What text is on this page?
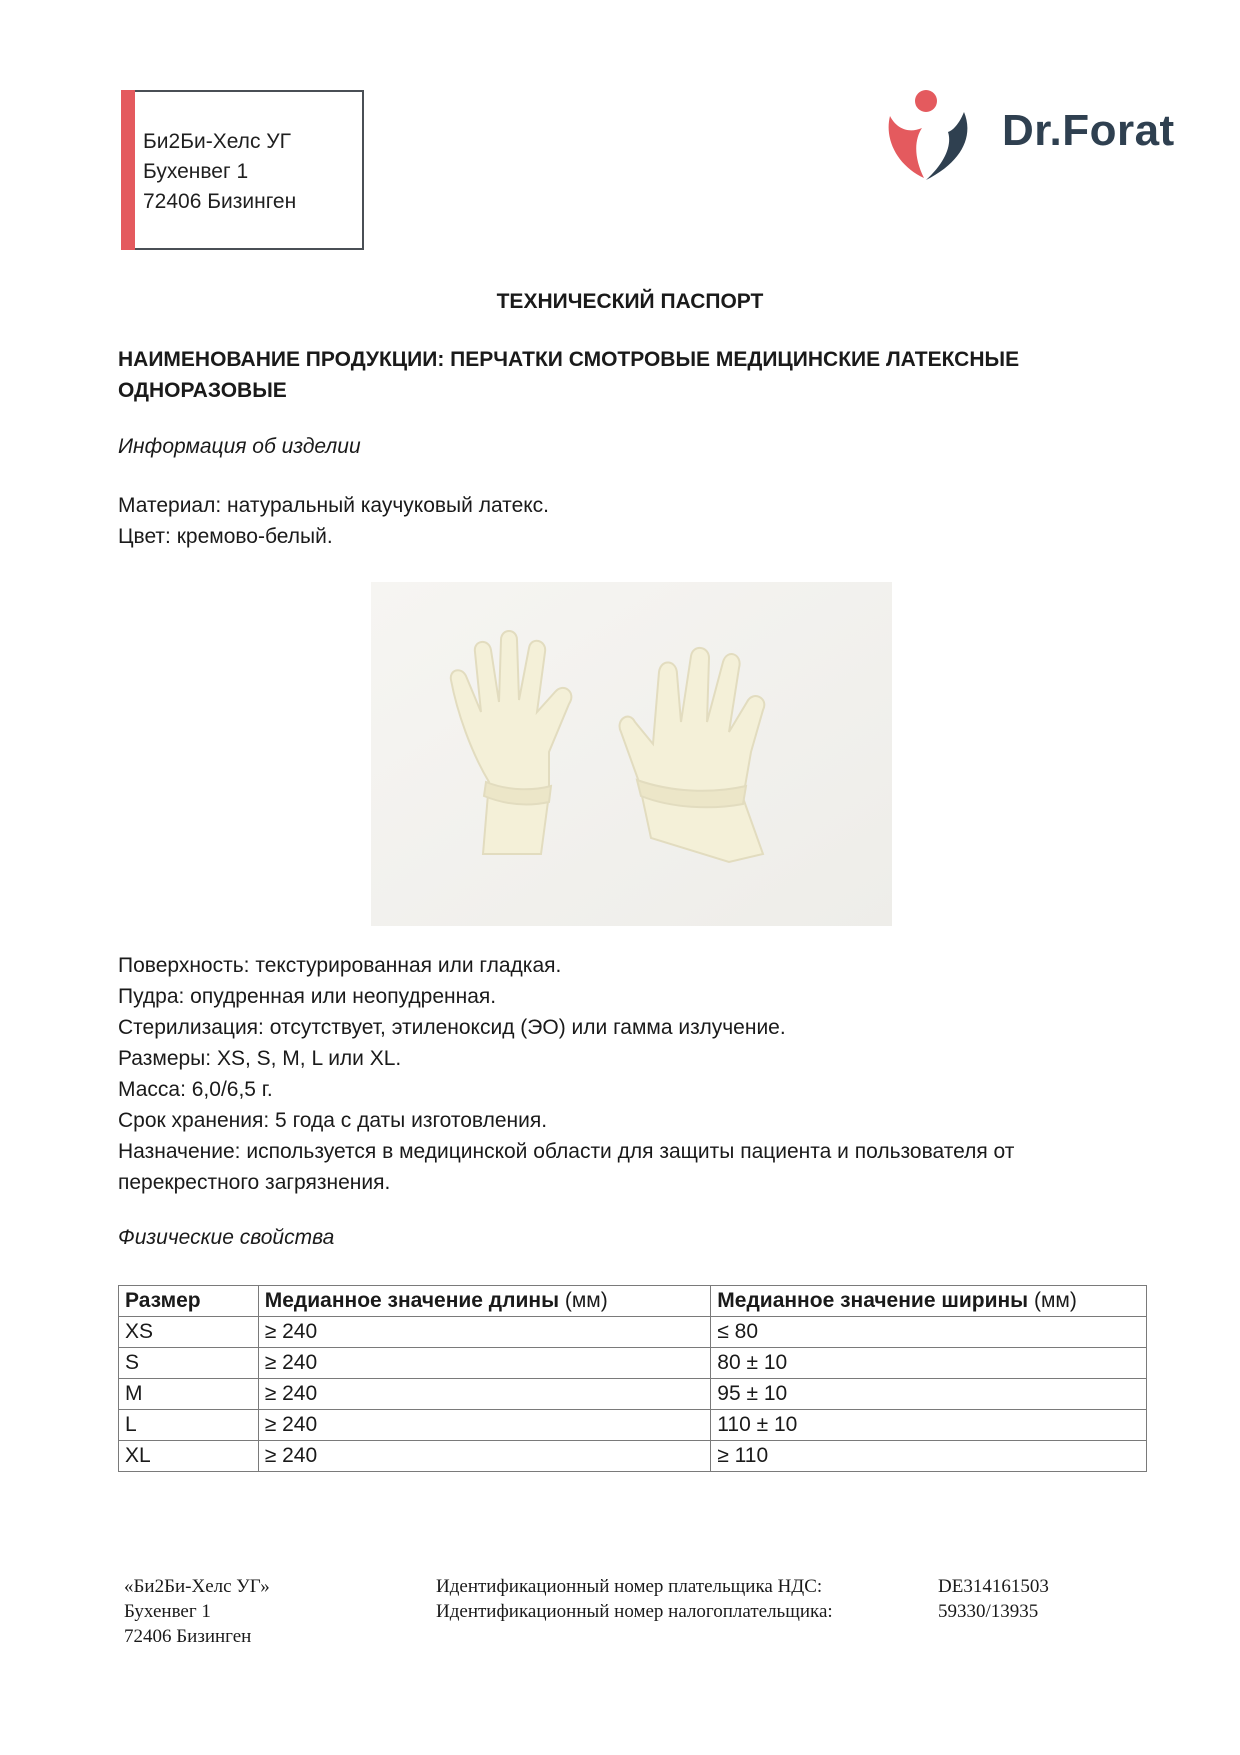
Би2Би-Хелс УГ
Бухенвег 1
72406 Бизинген
Dr.Forat
ТЕХНИЧЕСКИЙ ПАСПОРТ
НАИМЕНОВАНИЕ ПРОДУКЦИИ: ПЕРЧАТКИ СМОТРОВЫЕ МЕДИЦИНСКИЕ ЛАТЕКСНЫЕ ОДНОРАЗОВЫЕ
Информация об изделии
Материал: натуральный каучуковый латекс.
Цвет: кремово-белый.
Поверхность: текстурированная или гладкая.
Пудра: опудренная или неопудренная.
Стерилизация: отсутствует, этиленоксид (ЭО) или гамма излучение.
Размеры: XS, S, M, L или XL.
Масса: 6,0/6,5 г.
Срок хранения: 5 года с даты изготовления.
Назначение: используется в медицинской области для защиты пациента и пользователя от
перекрестного загрязнения.
Физические свойства
Размер	Медианное значение длины (мм)	Медианное значение ширины (мм)
XS	≥ 240	≤ 80
S	≥ 240	80 ± 10
M	≥ 240	95 ± 10
L	≥ 240	110 ± 10
XL	≥ 240	≥ 110
«Би2Би-Хелс УГ»
Бухенвег 1
72406 Бизинген
Идентификационный номер плательщика НДС:
Идентификационный номер налогоплательщика:
DE314161503
59330/13935
